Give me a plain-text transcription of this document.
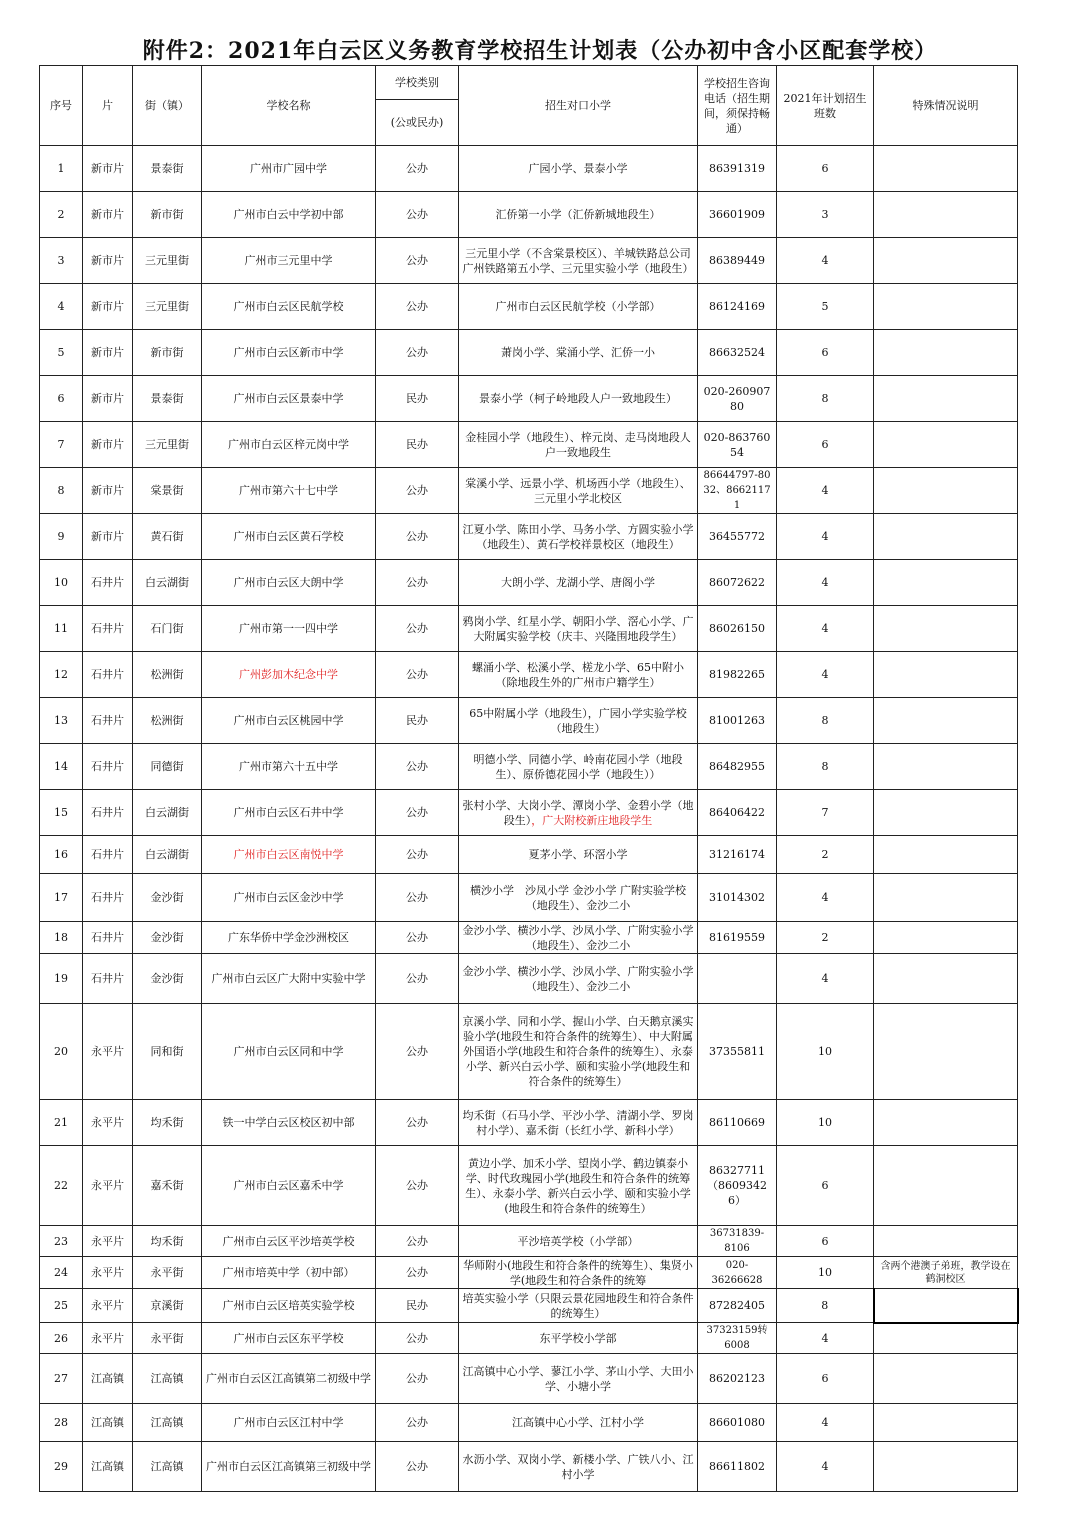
附件2：2021年白云区义务教育学校招生计划表（公办初中含小区配套学校）
序号	片	街（镇）	学校名称	学校类别	招生对口小学	学校招生咨询电话（招生期间，须保持畅通）	2021年计划招生班数	特殊情况说明
				(公或民办)				
1	新市片	景泰街	广州市广园中学	公办	广园小学、景泰小学	86391319	6	
2	新市片	新市街	广州市白云中学初中部	公办	汇侨第一小学（汇侨新城地段生）	36601909	3	
3	新市片	三元里街	广州市三元里中学	公办	三元里小学（不含棠景校区）、羊城铁路总公司广州铁路第五小学、三元里实验小学（地段生）	86389449	4	
4	新市片	三元里街	广州市白云区民航学校	公办	广州市白云区民航学校（小学部）	86124169	5	
5	新市片	新市街	广州市白云区新市中学	公办	萧岗小学、棠涌小学、汇侨一小	86632524	6	
6	新市片	景泰街	广州市白云区景泰中学	民办	景泰小学（柯子岭地段人户一致地段生）	020-26090780	8	
7	新市片	三元里街	广州市白云区梓元岗中学	民办	金桂园小学（地段生）、梓元岗、走马岗地段人户一致地段生	020-86376054	6	
8	新市片	棠景街	广州市第六十七中学	公办	棠溪小学、远景小学、机场西小学（地段生）、三元里小学北校区	86644797-8032、86621171	4	
9	新市片	黄石街	广州市白云区黄石学校	公办	江夏小学、陈田小学、马务小学、方圆实验小学（地段生）、黄石学校祥景校区（地段生）	36455772	4	
10	石井片	白云湖街	广州市白云区大朗中学	公办	大朗小学、龙湖小学、唐阁小学	86072622	4	
11	石井片	石门街	广州市第一一四中学	公办	鸦岗小学、红星小学、朝阳小学、滘心小学、广大附属实验学校（庆丰、兴隆围地段学生）	86026150	4	
12	石井片	松洲街	广州彭加木纪念中学	公办	螺涌小学、松溪小学、槎龙小学、65中附小（除地段生外的广州市户籍学生）	81982265	4	
13	石井片	松洲街	广州市白云区桃园中学	民办	65中附属小学（地段生），广园小学实验学校（地段生）	81001263	8	
14	石井片	同德街	广州市第六十五中学	公办	明德小学、同德小学、岭南花园小学（地段生）、原侨德花园小学（地段生））	86482955	8	
15	石井片	白云湖街	广州市白云区石井中学	公办	张村小学、大岗小学、潭岗小学、金碧小学（地段生），广大附校新庄地段学生	86406422	7	
16	石井片	白云湖街	广州市白云区南悦中学	公办	夏茅小学、环滘小学	31216174	2	
17	石井片	金沙街	广州市白云区金沙中学	公办	横沙小学　沙凤小学 金沙小学 广附实验学校（地段生）、金沙二小	31014302	4	
18	石井片	金沙街	广东华侨中学金沙洲校区	公办	金沙小学、横沙小学、沙凤小学、广附实验小学（地段生）、金沙二小	81619559	2	
19	石井片	金沙街	广州市白云区广大附中实验中学	公办	金沙小学、横沙小学、沙凤小学、广附实验小学（地段生）、金沙二小		4	
20	永平片	同和街	广州市白云区同和中学	公办	京溪小学、同和小学、握山小学、白天鹅京溪实验小学(地段生和符合条件的统筹生）、中大附属外国语小学(地段生和符合条件的统筹生）、永泰小学、新兴白云小学、颐和实验小学(地段生和符合条件的统筹生）	37355811	10	
21	永平片	均禾街	铁一中学白云区校区初中部	公办	均禾街（石马小学、平沙小学、清湖小学、罗岗村小学）、嘉禾街（长红小学、新科小学）	86110669	10	
22	永平片	嘉禾街	广州市白云区嘉禾中学	公办	黄边小学、加禾小学、望岗小学、鹤边镇泰小学、时代玫瑰园小学(地段生和符合条件的统筹生）、永泰小学、新兴白云小学、颐和实验小学(地段生和符合条件的统筹生）	86327711（86093426）	6	
23	永平片	均禾街	广州市白云区平沙培英学校	公办	平沙培英学校（小学部）	36731839-8106	6	
24	永平片	永平街	广州市培英中学（初中部）	公办	华师附小(地段生和符合条件的统筹生）、集贤小学(地段生和符合条件的统筹	020-36266628	10	含两个港澳子弟班，教学设在鹤洞校区
25	永平片	京溪街	广州市白云区培英实验学校	民办	培英实验小学（只限云景花园地段生和符合条件的统筹生）	87282405	8	
26	永平片	永平街	广州市白云区东平学校	公办	东平学校小学部	37323159转6008	4	
27	江高镇	江高镇	广州市白云区江高镇第二初级中学	公办	江高镇中心小学、蓼江小学、茅山小学、大田小学、小塘小学	86202123	6	
28	江高镇	江高镇	广州市白云区江村中学	公办	江高镇中心小学、江村小学	86601080	4	
29	江高镇	江高镇	广州市白云区江高镇第三初级中学	公办	水沥小学、双岗小学、新楼小学、广铁八小、江村小学	86611802	4	
